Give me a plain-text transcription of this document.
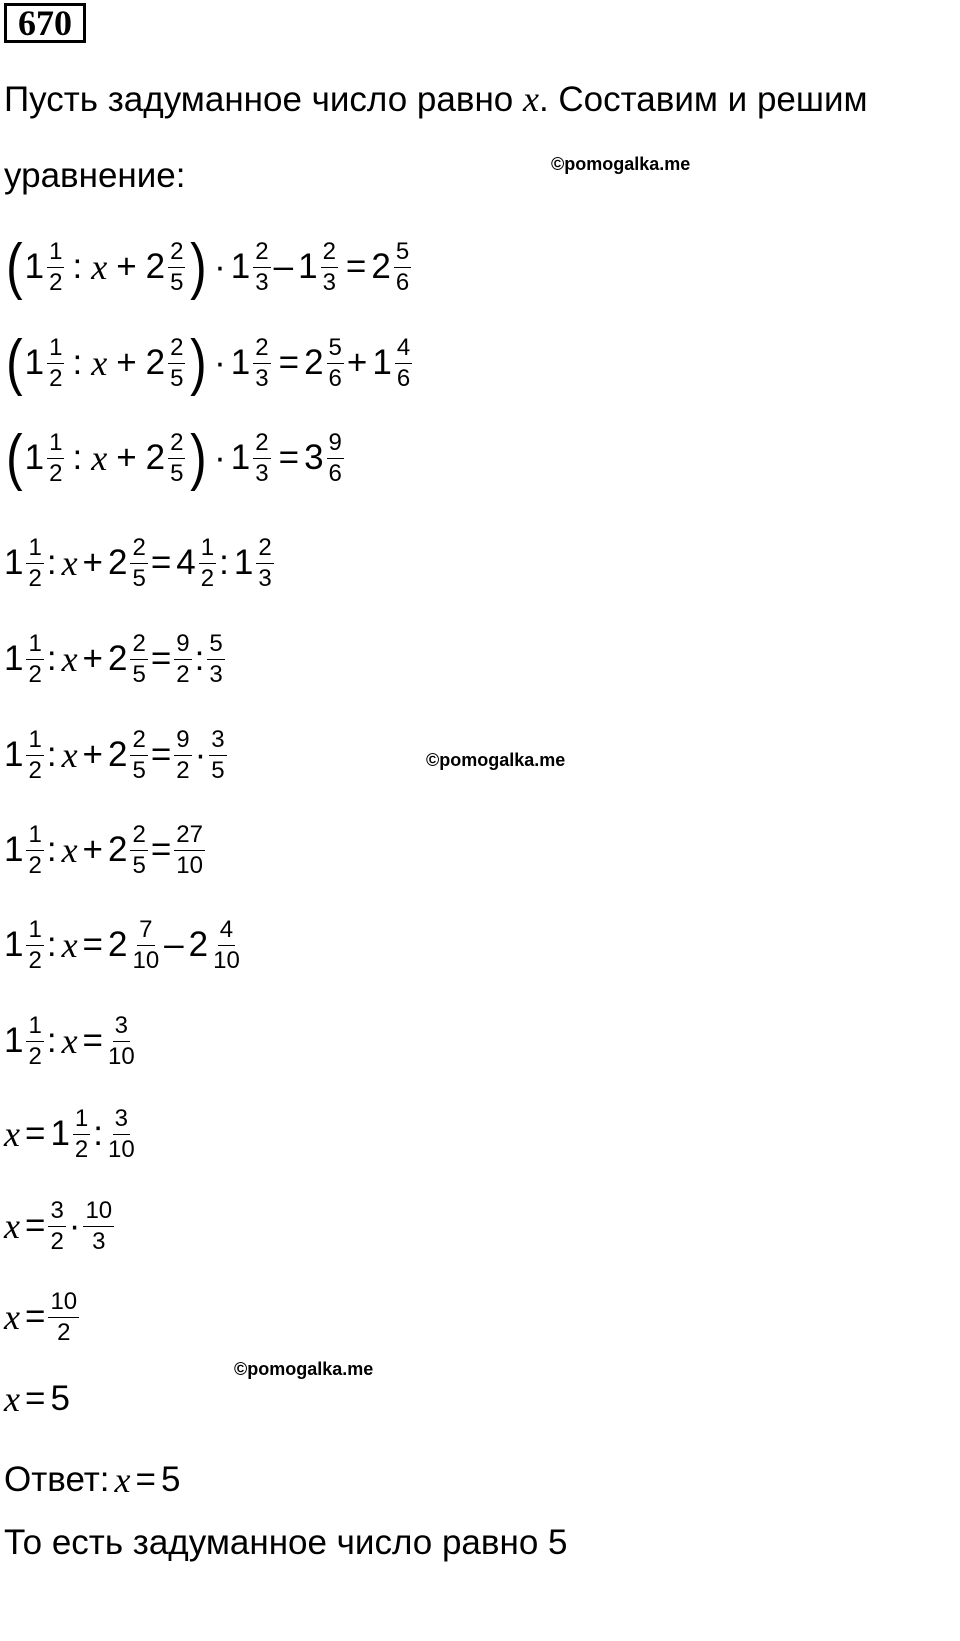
670
Пусть задуманное число равно x. Составим и решим
уравнение:	©pomogalka.me
©pomogalka.me
©pomogalka.me
( $1 \frac{1}{2}$ : $x + 2 \frac{2}{5}$ ) · $1 \frac{2}{3} - 1 \frac{2}{3} = 2 \frac{5}{6}$
( $1 \frac{1}{2}$ : $x + 2 \frac{2}{5}$ ) · $1 \frac{2}{3} = 2 \frac{5}{6} + 1 \frac{4}{6}$
( $1 \frac{1}{2}$ : $x + 2 \frac{2}{5}$ ) · $1 \frac{2}{3} = 3 \frac{9}{6}$
$1 \frac{1}{2}$ : $x + 2 \frac{2}{5} = 4 \frac{1}{2}$ : $1 \frac{2}{3}$
$1 \frac{1}{2}$ : $x + 2 \frac{2}{5} = \frac{9}{2}$ : $\frac{5}{3}$
$1 \frac{1}{2}$ : $x + 2 \frac{2}{5} = \frac{9}{2} \cdot \frac{3}{5}$
$1 \frac{1}{2}$ : $x + 2 \frac{2}{5} = \frac{27}{10}$
$1 \frac{1}{2}$ : $x = 2 \frac{7}{10} - 2 \frac{4}{10}$
$1 \frac{1}{2}$ : $x = \frac{3}{10}$
$x = 1 \frac{1}{2}$ : $\frac{3}{10}$
$x = \frac{3}{2} \cdot \frac{10}{3}$
$x = \frac{10}{2}$
x = 5
Ответ: x = 5
То есть задуманное число равно 5
